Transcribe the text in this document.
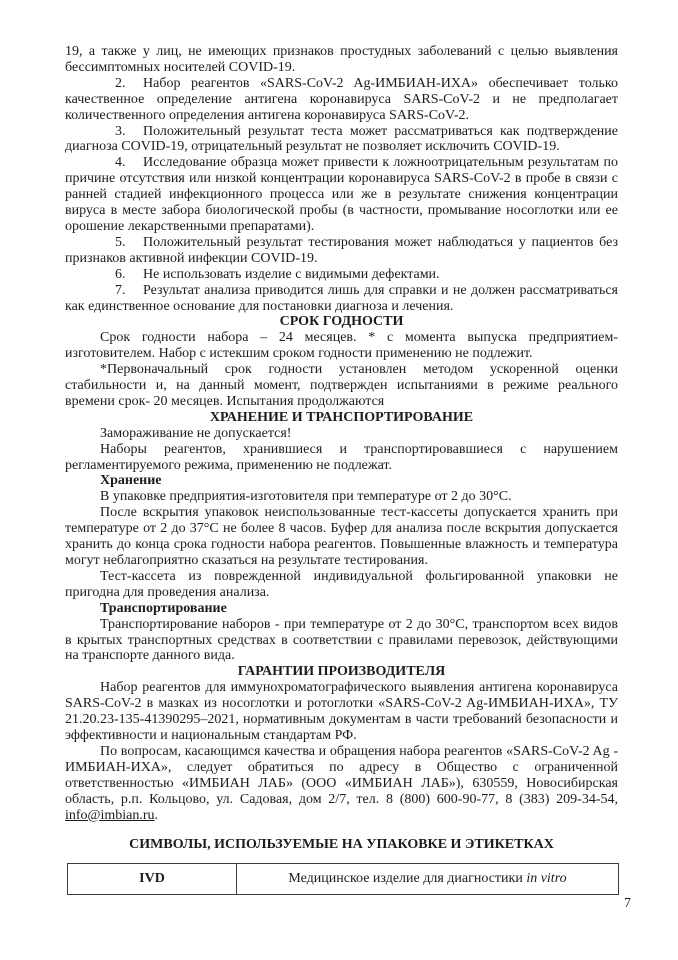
19, а также у лиц, не имеющих признаков простудных заболеваний с целью выявления бессимптомных носителей COVID-19.
2. Набор реагентов «SARS-CoV-2 Ag-ИМБИАН-ИХА» обеспечивает только качественное определение антигена коронавируса SARS-CoV-2 и не предполагает количественного определения антигена коронавируса SARS-CoV-2.
3. Положительный результат теста может рассматриваться как подтверждение диагноза COVID-19, отрицательный результат не позволяет исключить COVID-19.
4. Исследование образца может привести к ложноотрицательным результатам по причине отсутствия или низкой концентрации коронавируса SARS-CoV-2 в пробе в связи с ранней стадией инфекционного процесса или же в результате снижения концентрации вируса в месте забора биологической пробы (в частности, промывание носоглотки или ее орошение лекарственными препаратами).
5. Положительный результат тестирования может наблюдаться у пациентов без признаков активной инфекции COVID-19.
6. Не использовать изделие с видимыми дефектами.
7. Результат анализа приводится лишь для справки и не должен рассматриваться как единственное основание для постановки диагноза и лечения.
СРОК ГОДНОСТИ
Срок годности набора – 24 месяцев. * с момента выпуска предприятием-изготовителем. Набор с истекшим сроком годности применению не подлежит.
*Первоначальный срок годности установлен методом ускоренной оценки стабильности и, на данный момент, подтвержден испытаниями в режиме реального времени срок- 20 месяцев. Испытания продолжаются
ХРАНЕНИЕ И ТРАНСПОРТИРОВАНИЕ
Замораживание не допускается!
Наборы реагентов, хранившиеся и транспортировавшиеся с нарушением регламентируемого режима, применению не подлежат.
Хранение
В упаковке предприятия-изготовителя при температуре от 2 до 30°С.
После вскрытия упаковок неиспользованные тест-кассеты допускается хранить при температуре от 2 до 37°С не более 8 часов. Буфер для анализа после вскрытия допускается хранить до конца срока годности набора реагентов. Повышенные влажность и температура могут неблагоприятно сказаться на результате тестирования.
Тест-кассета из поврежденной индивидуальной фольгированной упаковки не пригодна для проведения анализа.
Транспортирование
Транспортирование наборов - при температуре от 2 до 30°С, транспортом всех видов в крытых транспортных средствах в соответствии с правилами перевозок, действующими на транспорте данного вида.
ГАРАНТИИ ПРОИЗВОДИТЕЛЯ
Набор реагентов для иммунохроматографического выявления антигена коронавируса SARS-CoV-2 в мазках из носоглотки и ротоглотки «SARS-CoV-2 Ag-ИМБИАН-ИХА», ТУ 21.20.23-135-41390295–2021, нормативным документам в части требований безопасности и эффективности и национальным стандартам РФ.
По вопросам, касающимся качества и обращения набора реагентов «SARS-CoV-2 Ag - ИМБИАН-ИХА», следует обратиться по адресу в Общество с ограниченной ответственностью «ИМБИАН ЛАБ» (ООО «ИМБИАН ЛАБ»), 630559, Новосибирская область, р.п. Кольцово, ул. Садовая, дом 2/7, тел. 8 (800) 600-90-77, 8 (383) 209-34-54, info@imbian.ru.
СИМВОЛЫ, ИСПОЛЬЗУЕМЫЕ НА УПАКОВКЕ И ЭТИКЕТКАХ
IVD	Медицинское изделие для диагностики in vitro
7
